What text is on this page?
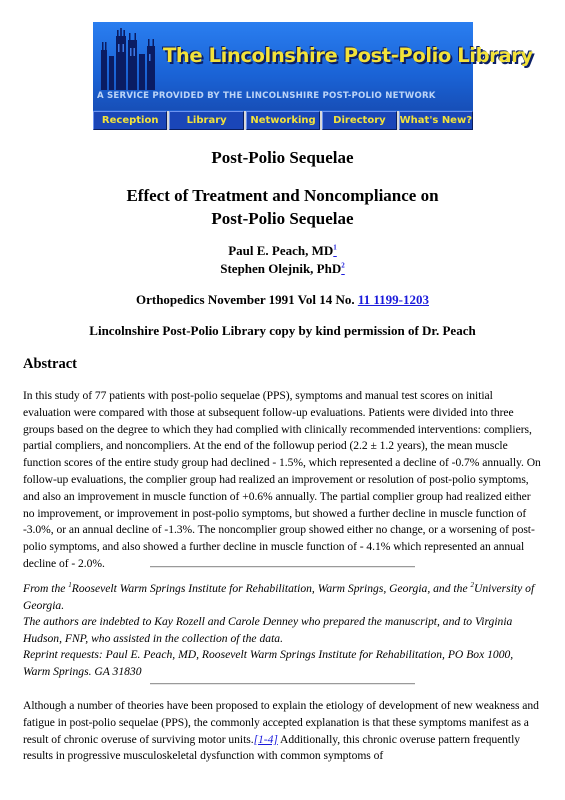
The Lincolnshire Post-Polio Library
A SERVICE PROVIDED BY THE LINCOLNSHIRE POST-POLIO NETWORK
Reception	Library	Networking	Directory	What's New?
Post-Polio Sequelae
Effect of Treatment and Noncompliance on
Post-Polio Sequelae
Paul E. Peach, MD$^1$
Stephen Olejnik, PhD$^2$
Orthopedics November 1991 Vol 14 No. 11 1199-1203
Lincolnshire Post-Polio Library copy by kind permission of Dr. Peach
Abstract
In this study of 77 patients with post-polio sequelae (PPS), symptoms and manual test scores on initial evaluation were compared with those at subsequent follow-up evaluations. Patients were divided into three groups based on the degree to which they had complied with clinically recommended interventions: compliers, partial compliers, and noncompliers. At the end of the followup period (2.2 ± 1.2 years), the mean muscle function scores of the entire study group had declined - 1.5%, which represented a decline of -0.7% annually. On follow-up evaluations, the complier group had realized an improvement or resolution of post-polio symptoms, and also an improvement in muscle function of +0.6% annually. The partial complier group had realized either no improvement, or improvement in post-polio symptoms, but showed a further decline in muscle function of -3.0%, or an annual decline of -1.3%. The noncomplier group showed either no change, or a worsening of post-polio symptoms, and also showed a further decline in muscle function of - 4.1% which represented an annual decline of - 2.0%.
From the $^1$Roosevelt Warm Springs Institute for Rehabilitation, Warm Springs, Georgia, and the $^2$University of Georgia.
The authors are indebted to Kay Rozell and Carole Denney who prepared the manuscript, and to Virginia Hudson, FNP, who assisted in the collection of the data.
Reprint requests: Paul E. Peach, MD, Roosevelt Warm Springs Institute for Rehabilitation, PO Box 1000, Warm Springs. GA 31830
Although a number of theories have been proposed to explain the etiology of development of new weakness and fatigue in post-polio sequelae (PPS), the commonly accepted explanation is that these symptoms manifest as a result of chronic overuse of surviving motor units.[1-4] Additionally, this chronic overuse pattern frequently results in progressive musculoskeletal dysfunction with common symptoms of
